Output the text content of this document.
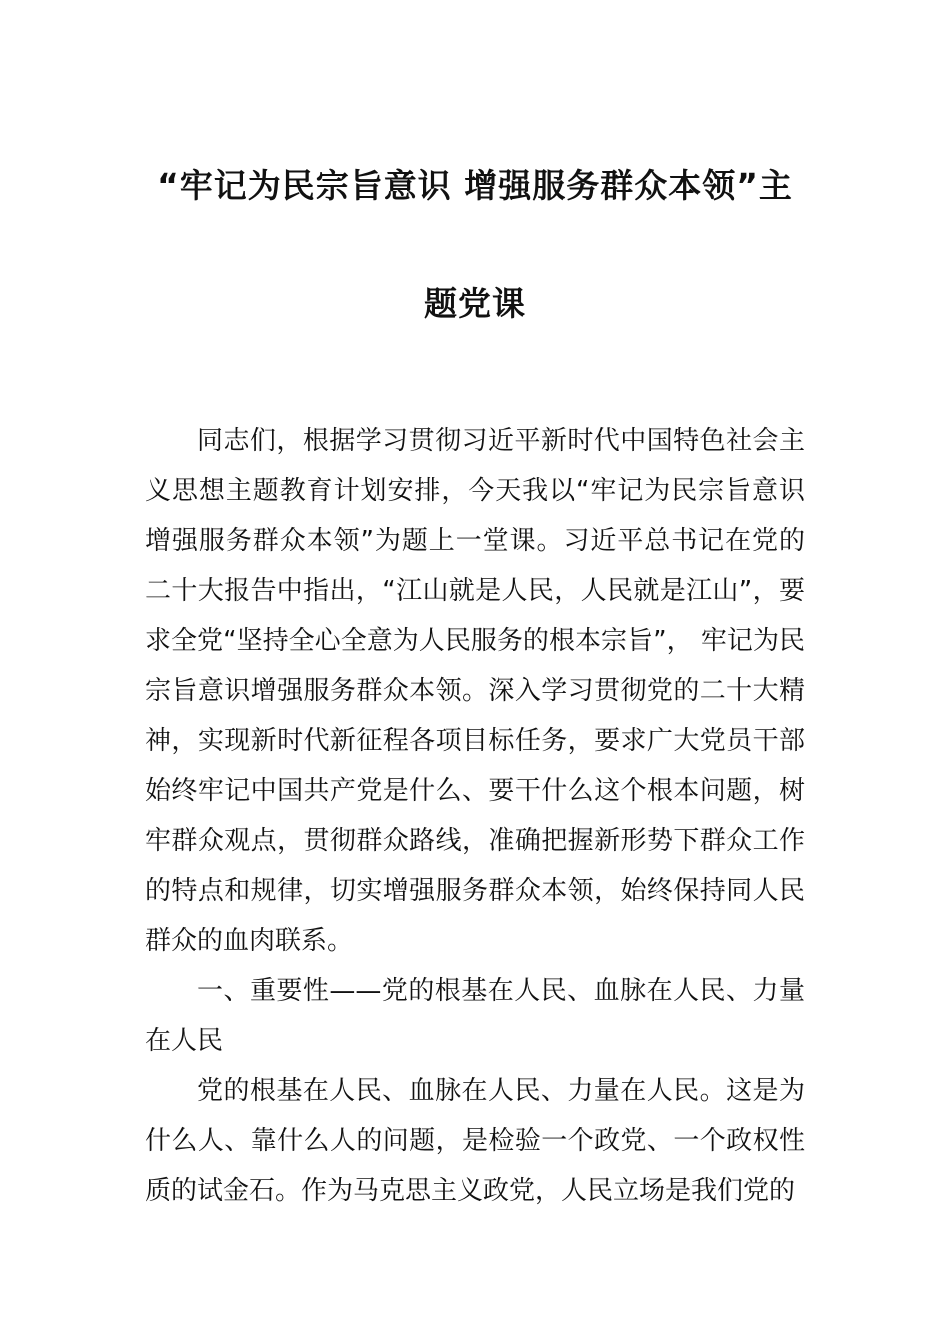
“牢记为民宗旨意识 增强服务群众本领”主
题党课

同志们，根据学习贯彻习近平新时代中国特色社会主义思想主题教育计划安排，今天我以“牢记为民宗旨意识 增强服务群众本领”为题上一堂课。习近平总书记在党的二十大报告中指出，“江山就是人民，人民就是江山”，要求全党“坚持全心全意为人民服务的根本宗旨”， 牢记为民宗旨意识增强服务群众本领。深入学习贯彻党的二十大精神，实现新时代新征程各项目标任务，要求广大党员干部始终牢记中国共产党是什么、要干什么这个根本问题，树牢群众观点，贯彻群众路线，准确把握新形势下群众工作的特点和规律，切实增强服务群众本领，始终保持同人民群众的血肉联系。

一、重要性——党的根基在人民、血脉在人民、力量在人民

党的根基在人民、血脉在人民、力量在人民。这是为什么人、靠什么人的问题，是检验一个政党、一个政权性质的试金石。作为马克思主义政党，人民立场是我们党的
